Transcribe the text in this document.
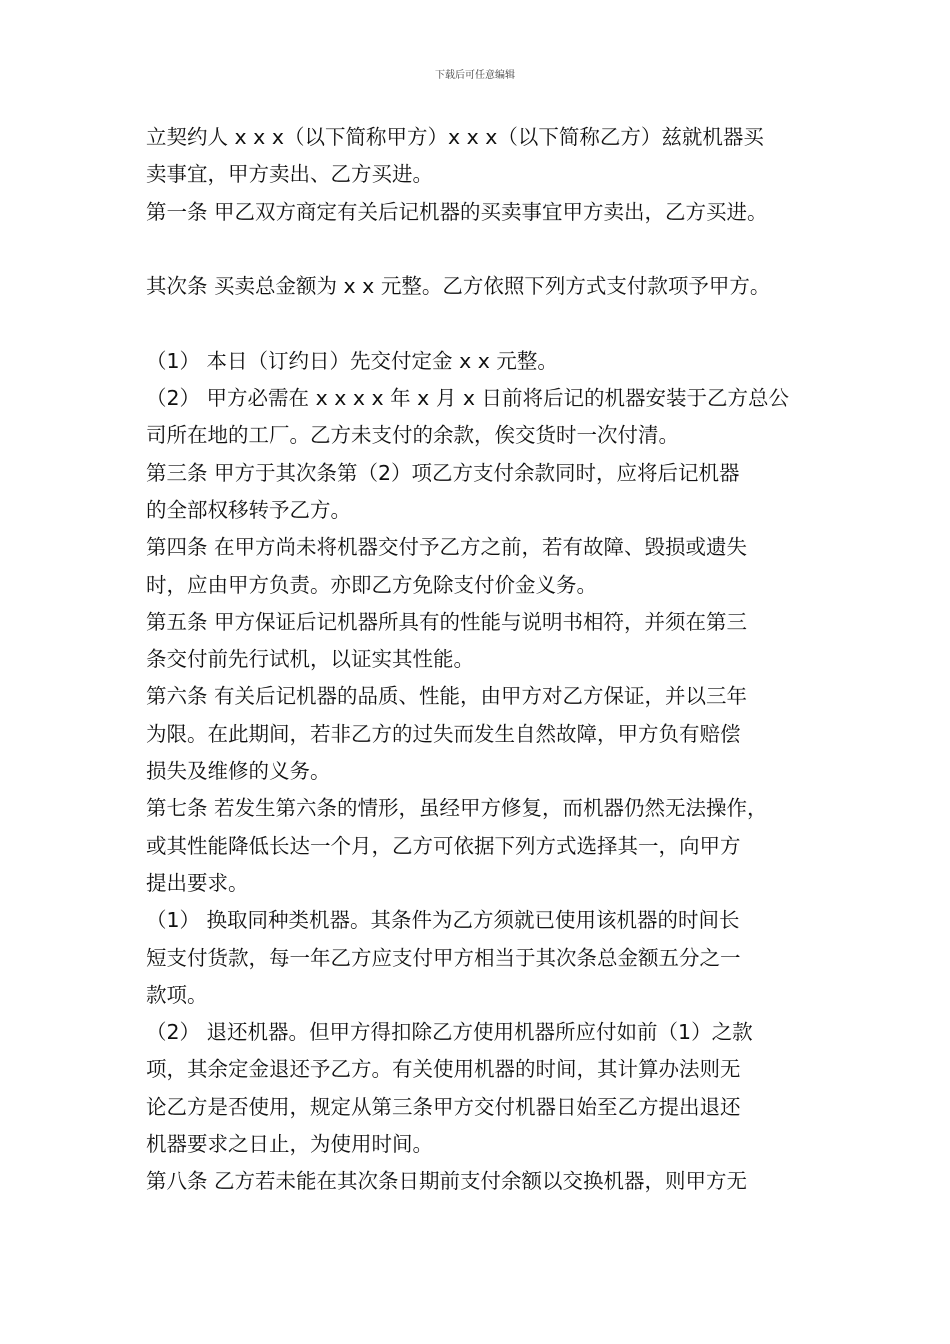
下载后可任意编辑
立契约人 x x x（以下简称甲方）x x x（以下简称乙方）兹就机器买
卖事宜，甲方卖出、乙方买进。
第一条 甲乙双方商定有关后记机器的买卖事宜甲方卖出，乙方买进。
其次条 买卖总金额为 x x 元整。乙方依照下列方式支付款项予甲方。
（1） 本日（订约日）先交付定金 x x 元整。
（2） 甲方必需在 x x x x 年 x 月 x 日前将后记的机器安装于乙方总公
司所在地的工厂。乙方未支付的余款，俟交货时一次付清。
第三条 甲方于其次条第（2）项乙方支付余款同时，应将后记机器
的全部权移转予乙方。
第四条 在甲方尚未将机器交付予乙方之前，若有故障、毁损或遗失
时，应由甲方负责。亦即乙方免除支付价金义务。
第五条 甲方保证后记机器所具有的性能与说明书相符，并须在第三
条交付前先行试机，以证实其性能。
第六条 有关后记机器的品质、性能，由甲方对乙方保证，并以三年
为限。在此期间，若非乙方的过失而发生自然故障，甲方负有赔偿
损失及维修的义务。
第七条 若发生第六条的情形，虽经甲方修复，而机器仍然无法操作，
或其性能降低长达一个月，乙方可依据下列方式选择其一，向甲方
提出要求。
（1） 换取同种类机器。其条件为乙方须就已使用该机器的时间长
短支付货款，每一年乙方应支付甲方相当于其次条总金额五分之一
款项。
（2） 退还机器。但甲方得扣除乙方使用机器所应付如前（1）之款
项，其余定金退还予乙方。有关使用机器的时间，其计算办法则无
论乙方是否使用，规定从第三条甲方交付机器日始至乙方提出退还
机器要求之日止，为使用时间。
第八条 乙方若未能在其次条日期前支付余额以交换机器，则甲方无
